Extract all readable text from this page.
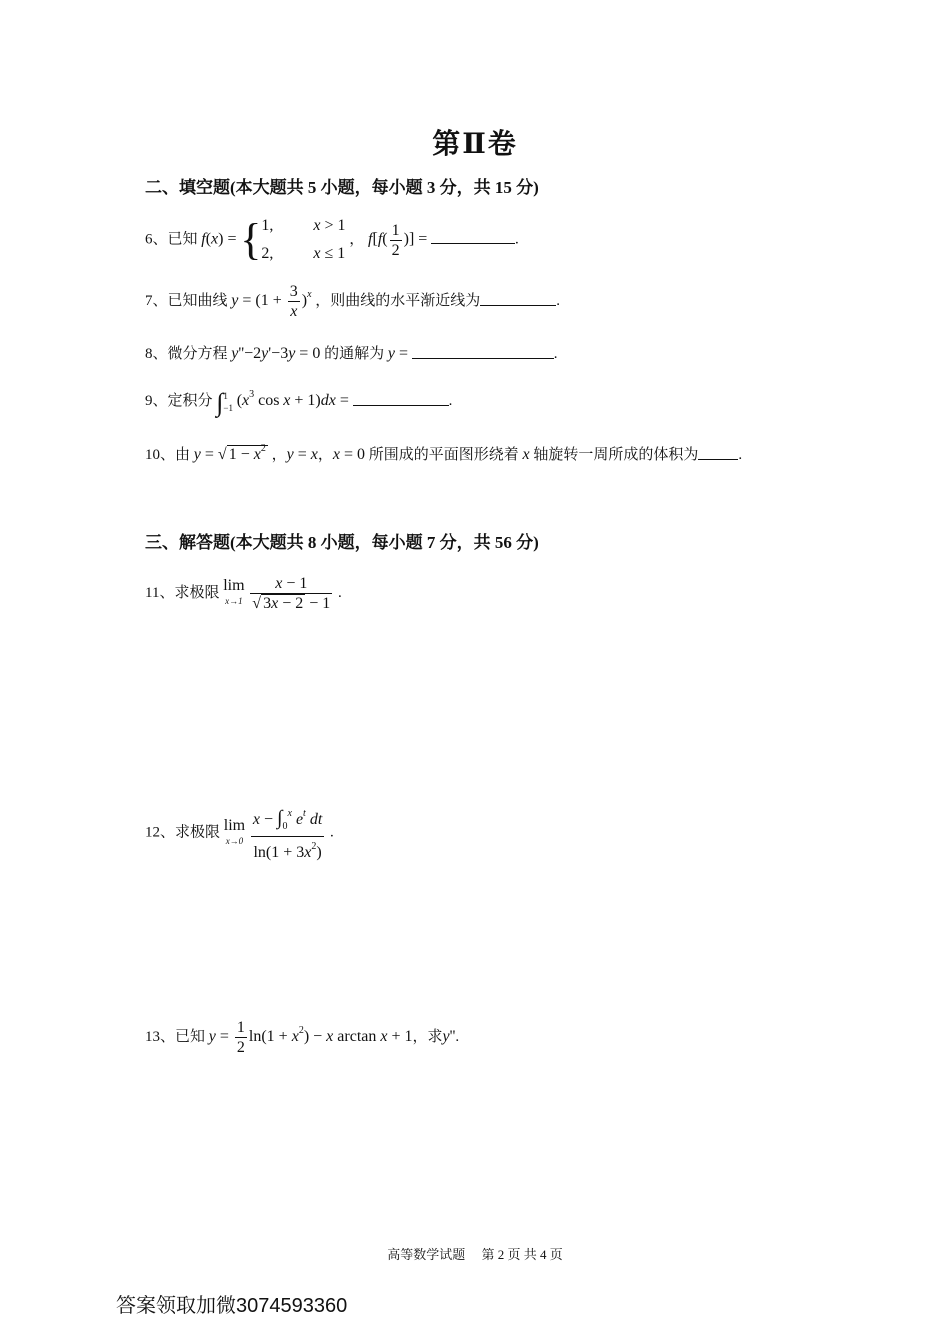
第Ⅱ卷
二、填空题(本大题共 5 小题，每小题 3 分，共 15 分)
6、已知 f(x) = {1,          x > 1
2,          x ≤ 1 ， $f[f( \frac{1}{2}$ )] =	.
7、已知曲线 $y = (1 + \frac{3}{x} )^x$ ，则曲线的水平渐近线为	.
8、微分方程 y''−2y'−3y = 0 的通解为 y =	.
9、定积分 ∫1
−1 ($x^3$ cos x + 1)dx =	.
10、由 y = √ $1 - x^2$ ，y = x，x = 0 所围成的平面图形绕着 x 轴旋转一周所成的体积为	.
三、解答题(本大题共 8 小题，每小题 7 分，共 56 分)
11、求极限 lim
$x\to 1 \frac{x - 1}{√ 3x - 2 - 1}$ .
12、求极限 lim
$x\to 0 \frac{x - \int_0^x e^t dt}{\ln(1 + 3x^2)}$ .
13、已知 $y = \frac{1}{2} \ln(1 + x^2) - x$ arctan x + 1，求y''.
高等数学试题　 第 2 页 共 4 页
答案领取加微3074593360
